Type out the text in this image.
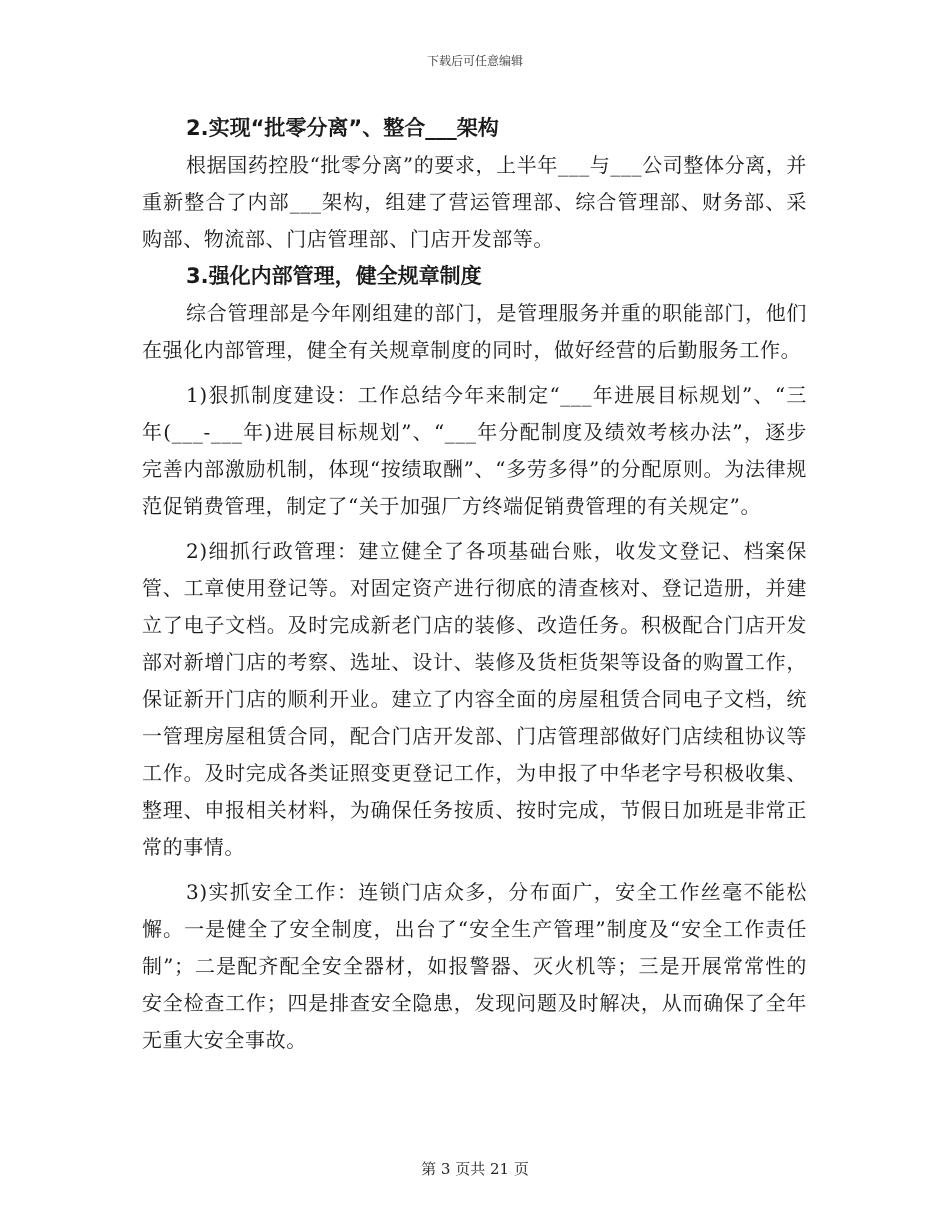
下载后可任意编辑
2.实现“批零分离”、整合___架构

根据国药控股“批零分离”的要求，上半年___与___公司整体分离，并重新整合了内部___架构，组建了营运管理部、综合管理部、财务部、采购部、物流部、门店管理部、门店开发部等。

3.强化内部管理，健全规章制度

综合管理部是今年刚组建的部门，是管理服务并重的职能部门，他们在强化内部管理，健全有关规章制度的同时，做好经营的后勤服务工作。

1)狠抓制度建设：工作总结今年来制定“___年进展目标规划”、“三年(___-___年)进展目标规划”、“___年分配制度及绩效考核办法”，逐步完善内部激励机制，体现“按绩取酬”、“多劳多得”的分配原则。为法律规范促销费管理，制定了“关于加强厂方终端促销费管理的有关规定”。

2)细抓行政管理：建立健全了各项基础台账，收发文登记、档案保管、工章使用登记等。对固定资产进行彻底的清查核对、登记造册，并建立了电子文档。及时完成新老门店的装修、改造任务。积极配合门店开发部对新增门店的考察、选址、设计、装修及货柜货架等设备的购置工作，保证新开门店的顺利开业。建立了内容全面的房屋租赁合同电子文档，统一管理房屋租赁合同，配合门店开发部、门店管理部做好门店续租协议等工作。及时完成各类证照变更登记工作，为申报了中华老字号积极收集、整理、申报相关材料，为确保任务按质、按时完成，节假日加班是非常正常的事情。

3)实抓安全工作：连锁门店众多，分布面广，安全工作丝毫不能松懈。一是健全了安全制度，出台了“安全生产管理”制度及“安全工作责任制”；二是配齐配全安全器材，如报警器、灭火机等；三是开展常常性的安全检查工作；四是排查安全隐患，发现问题及时解决，从而确保了全年无重大安全事故。

第 3 页共 21 页
